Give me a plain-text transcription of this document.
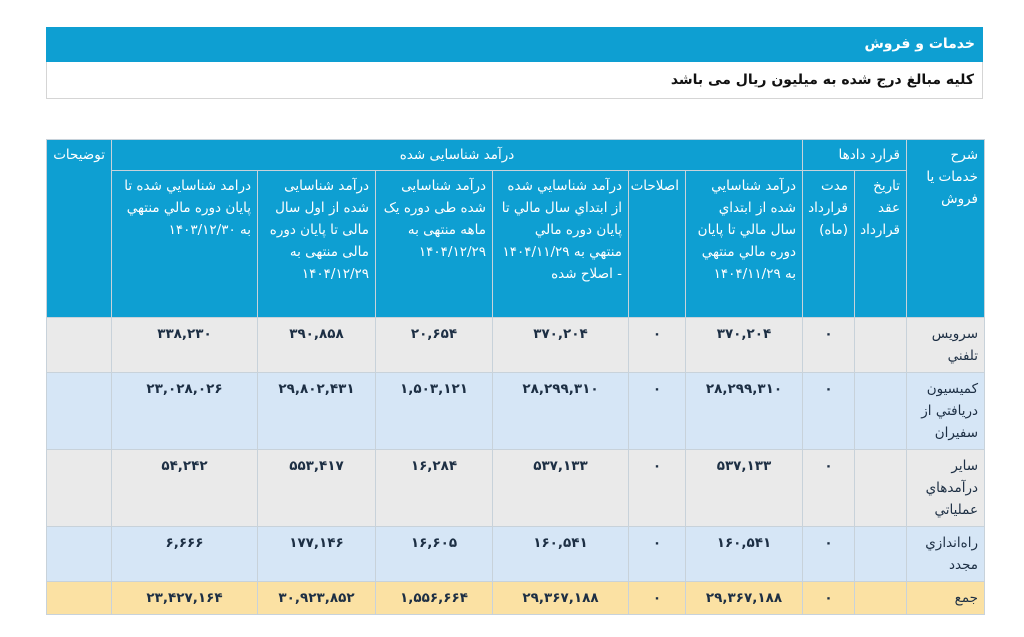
خدمات و فروش
کلیه مبالغ درج شده به میلیون ریال می باشد
شرح خدمات یا فروش	قرارد دادها		درآمد شناسایی شده						توضیحات
	تاريخ عقد قرارداد	مدت قرارداد (ماه)	درآمد شناسايي شده از ابتداي سال مالي تا پايان دوره مالي منتهي به ۱۴۰۴/۱۱/۲۹	اصلاحات	درآمد شناسايي شده از ابتداي سال مالي تا پايان دوره مالي منتهي به ۱۴۰۴/۱۱/۲۹ - اصلاح شده	درآمد شناسایی شده طی دوره یک ماهه منتهی به ۱۴۰۴/۱۲/۲۹	درآمد شناسایی شده از اول سال مالی تا پایان دوره مالی منتهی به ۱۴۰۴/۱۲/۲۹	درامد شناسايي شده تا پايان دوره مالي منتهي به ۱۴۰۳/۱۲/۳۰	
سرويس تلفني		۰	۳۷۰,۲۰۴	۰	۳۷۰,۲۰۴	۲۰,۶۵۴	۳۹۰,۸۵۸	۳۳۸,۲۳۰	
کميسيون دريافتي از سفيران		۰	۲۸,۲۹۹,۳۱۰	۰	۲۸,۲۹۹,۳۱۰	۱,۵۰۳,۱۲۱	۲۹,۸۰۲,۴۳۱	۲۳,۰۲۸,۰۲۶	
ساير درآمدهاي عملياتي		۰	۵۳۷,۱۳۳	۰	۵۳۷,۱۳۳	۱۶,۲۸۴	۵۵۳,۴۱۷	۵۴,۲۴۲	
راه‌اندازي مجدد		۰	۱۶۰,۵۴۱	۰	۱۶۰,۵۴۱	۱۶,۶۰۵	۱۷۷,۱۴۶	۶,۶۶۶	
جمع		۰	۲۹,۳۶۷,۱۸۸	۰	۲۹,۳۶۷,۱۸۸	۱,۵۵۶,۶۶۴	۳۰,۹۲۳,۸۵۲	۲۳,۴۲۷,۱۶۴	
